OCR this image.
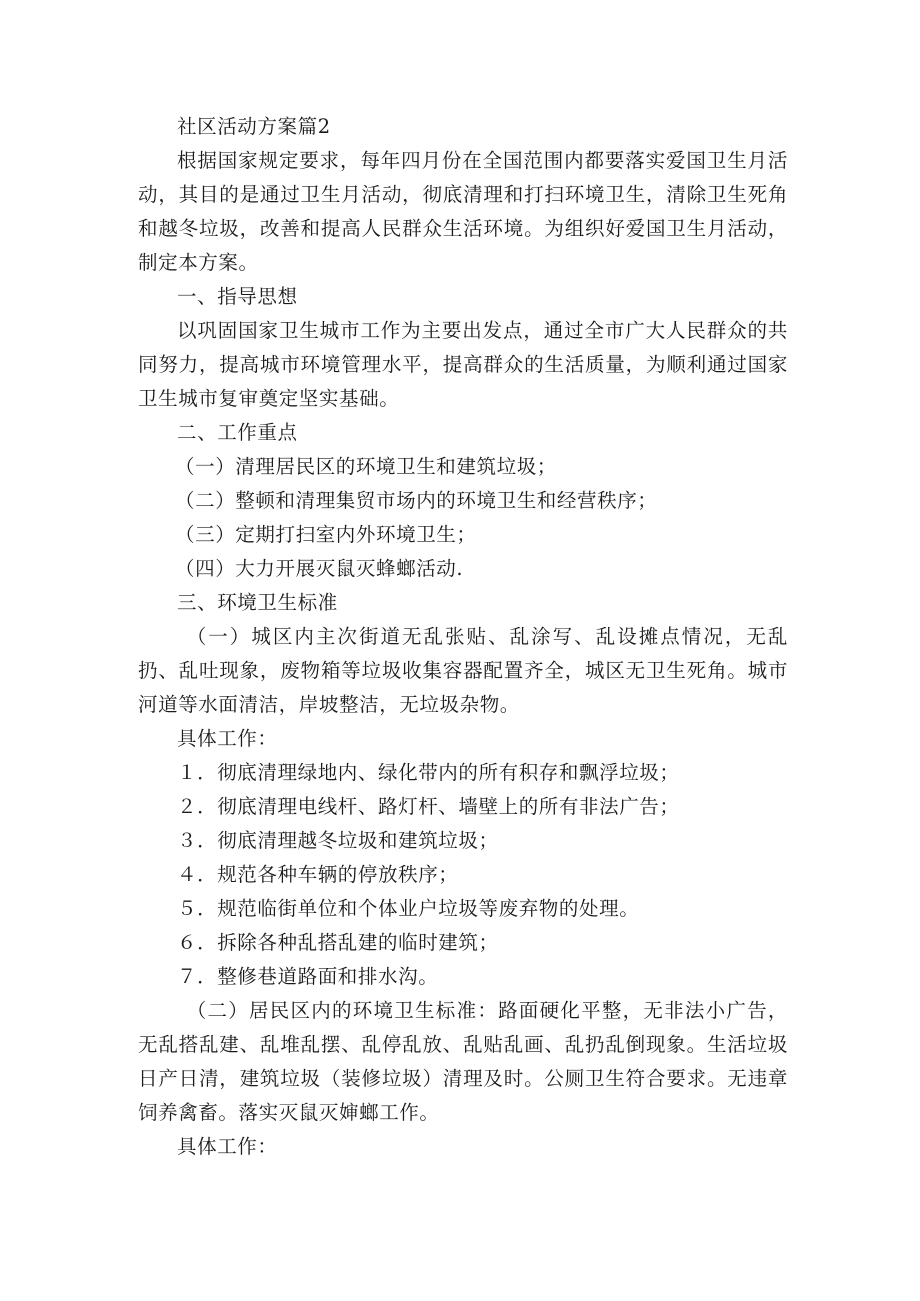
社区活动方案篇2

根据国家规定要求，每年四月份在全国范围内都要落实爱国卫生月活动，其目的是通过卫生月活动，彻底清理和打扫环境卫生，清除卫生死角和越冬垃圾，改善和提高人民群众生活环境。为组织好爱国卫生月活动，制定本方案。

一、指导思想

以巩固国家卫生城市工作为主要出发点，通过全市广大人民群众的共同努力，提高城市环境管理水平，提高群众的生活质量，为顺利通过国家卫生城市复审奠定坚实基础。

二、工作重点

（一）清理居民区的环境卫生和建筑垃圾；

（二）整顿和清理集贸市场内的环境卫生和经营秩序；

（三）定期打扫室内外环境卫生；

（四）大力开展灭鼠灭蜂螂活动.

三、环境卫生标准

（一）城区内主次街道无乱张贴、乱涂写、乱设摊点情况，无乱扔、乱吐现象，废物箱等垃圾收集容器配置齐全，城区无卫生死角。城市河道等水面清洁，岸坡整洁，无垃圾杂物。

具体工作：

１．彻底清理绿地内、绿化带内的所有积存和飘浮垃圾；

２．彻底清理电线杆、路灯杆、墙壁上的所有非法广告；

３．彻底清理越冬垃圾和建筑垃圾；

４．规范各种车辆的停放秩序；

５．规范临街单位和个体业户垃圾等废弃物的处理。

６．拆除各种乱搭乱建的临时建筑；

７．整修巷道路面和排水沟。

（二）居民区内的环境卫生标准：路面硬化平整，无非法小广告，无乱搭乱建、乱堆乱摆、乱停乱放、乱贴乱画、乱扔乱倒现象。生活垃圾日产日清，建筑垃圾（装修垃圾）清理及时。公厕卫生符合要求。无违章饲养禽畜。落实灭鼠灭婶螂工作。

具体工作：
